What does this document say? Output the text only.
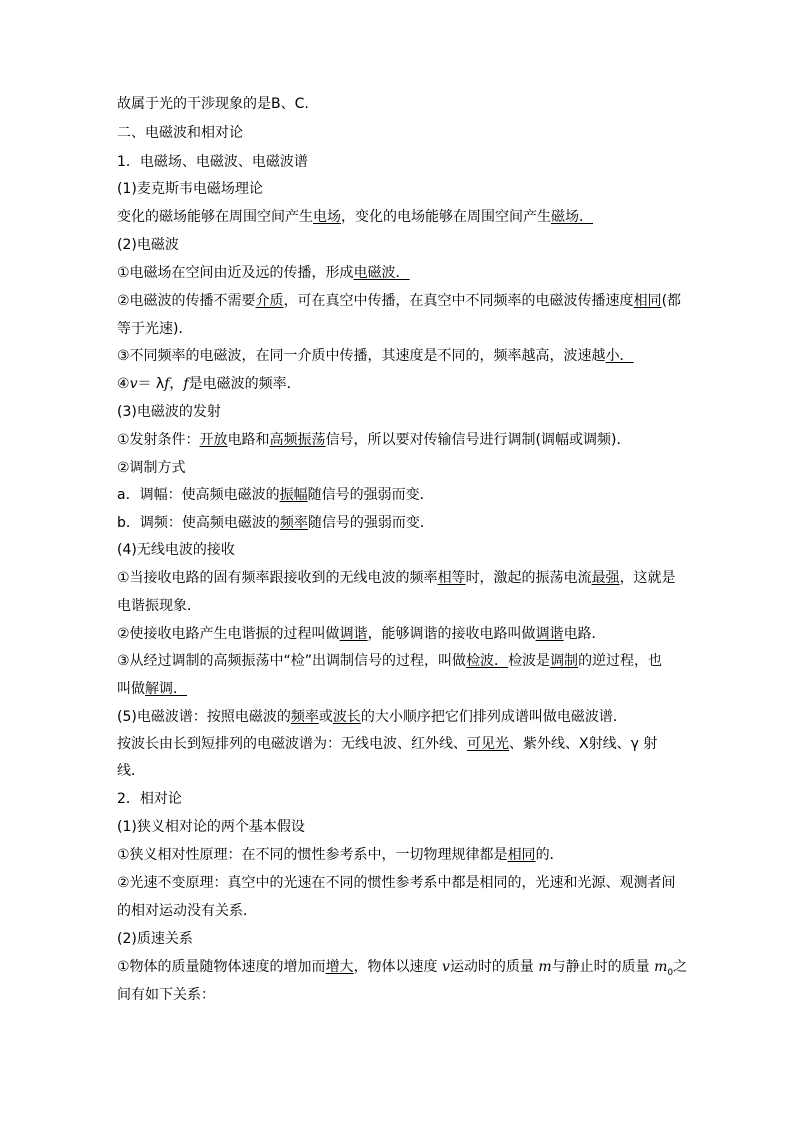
故属于光的干涉现象的是B、C.
二、电磁波和相对论
1．电磁场、电磁波、电磁波谱
(1)麦克斯韦电磁场理论
变化的磁场能够在周围空间产生电场，变化的电场能够在周围空间产生磁场．
(2)电磁波
①电磁场在空间由近及远的传播，形成电磁波．
②电磁波的传播不需要介质，可在真空中传播，在真空中不同频率的电磁波传播速度相同(都
等于光速)．
③不同频率的电磁波，在同一介质中传播，其速度是不同的，频率越高，波速越小．
④v＝ λf，f是电磁波的频率．
(3)电磁波的发射
①发射条件：开放电路和高频振荡信号，所以要对传输信号进行调制(调幅或调频)．
②调制方式
a．调幅：使高频电磁波的振幅随信号的强弱而变．
b．调频：使高频电磁波的频率随信号的强弱而变．
(4)无线电波的接收
①当接收电路的固有频率跟接收到的无线电波的频率相等时，激起的振荡电流最强，这就是
电谐振现象．
②使接收电路产生电谐振的过程叫做调谐，能够调谐的接收电路叫做调谐电路．
③从经过调制的高频振荡中“检”出调制信号的过程，叫做检波．检波是调制的逆过程，也
叫做解调．
(5)电磁波谱：按照电磁波的频率或波长的大小顺序把它们排列成谱叫做电磁波谱．
按波长由长到短排列的电磁波谱为：无线电波、红外线、可见光、紫外线、X射线、γ 射
线．
2．相对论
(1)狭义相对论的两个基本假设
①狭义相对性原理：在不同的惯性参考系中，一切物理规律都是相同的．
②光速不变原理：真空中的光速在不同的惯性参考系中都是相同的，光速和光源、观测者间
的相对运动没有关系．
(2)质速关系
①物体的质量随物体速度的增加而增大，物体以速度 v运动时的质量 m与静止时的质量 $m_0$之
间有如下关系：
